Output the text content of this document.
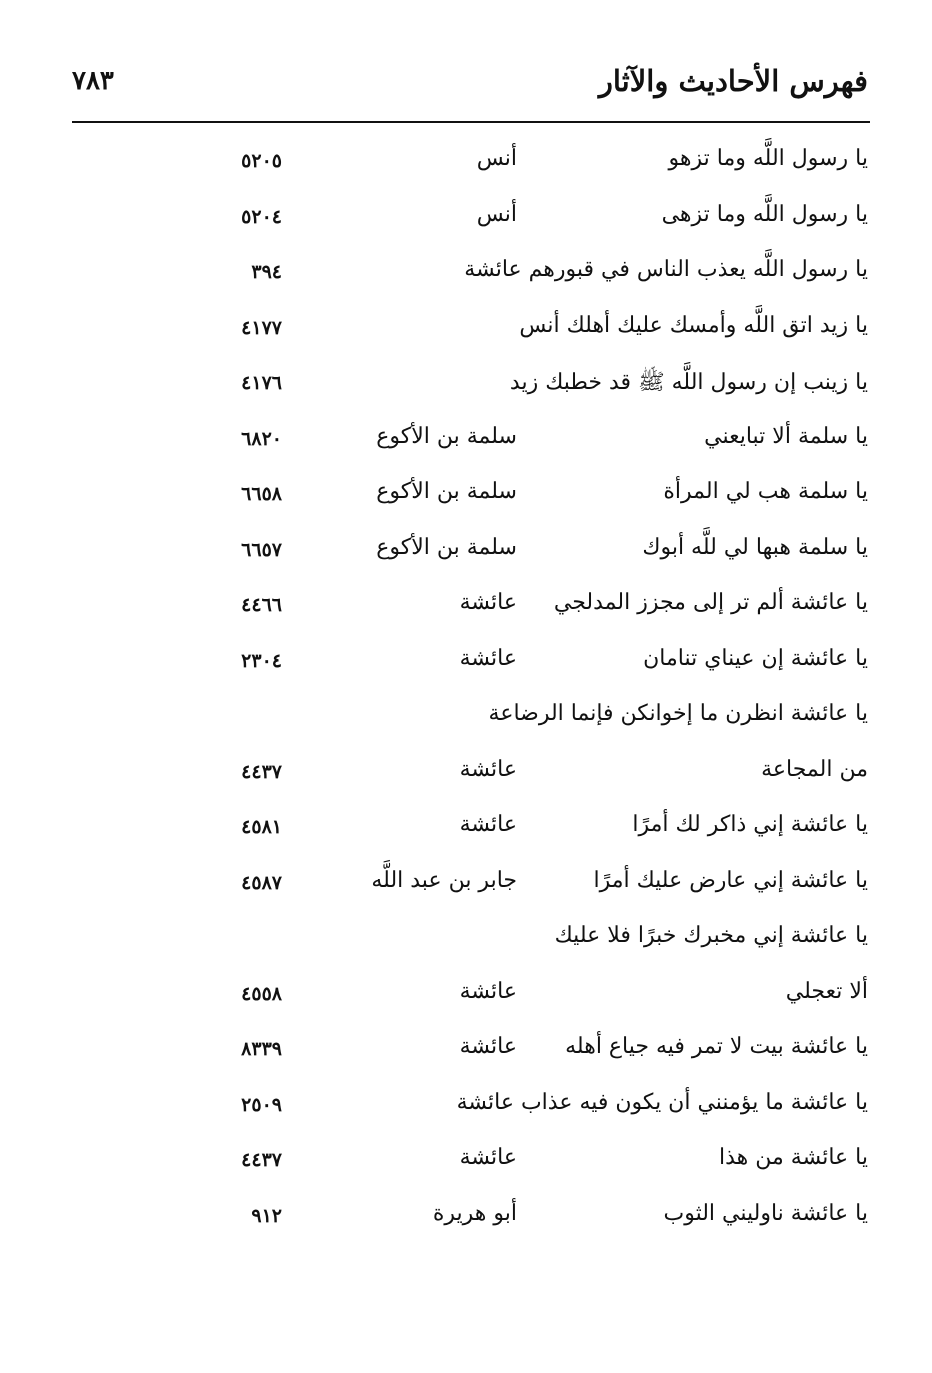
فهرس الأحاديث والآثار
٧٨٣
يا رسول اللَّه وما تزهو
أنس
٥٢٠٥
يا رسول اللَّه وما تزهى
أنس
٥٢٠٤
يا رسول اللَّه يعذب الناس في قبورهم عائشة
٣٩٤
يا زيد اتق اللَّه وأمسك عليك أهلك أنس
٤١٧٧
يا زينب إن رسول اللَّه ﷺ قد خطبك زيد
٤١٧٦
يا سلمة ألا تبايعني
سلمة بن الأكوع
٦٨٢٠
يا سلمة هب لي المرأة
سلمة بن الأكوع
٦٦٥٨
يا سلمة هبها لي للَّه أبوك
سلمة بن الأكوع
٦٦٥٧
يا عائشة ألم تر إلى مجزز المدلجي
عائشة
٤٤٦٦
يا عائشة إن عيناي تنامان
عائشة
٢٣٠٤
يا عائشة انظرن ما إخوانكن فإنما الرضاعة
من المجاعة
عائشة
٤٤٣٧
يا عائشة إني ذاكر لك أمرًا
عائشة
٤٥٨١
يا عائشة إني عارض عليك أمرًا
جابر بن عبد اللَّه
٤٥٨٧
يا عائشة إني مخبرك خبرًا فلا عليك
ألا تعجلي
عائشة
٤٥٥٨
يا عائشة بيت لا تمر فيه جياع أهله
عائشة
٨٣٣٩
يا عائشة ما يؤمنني أن يكون فيه عذاب عائشة
٢٥٠٩
يا عائشة من هذا
عائشة
٤٤٣٧
يا عائشة ناوليني الثوب
أبو هريرة
٩١٢
